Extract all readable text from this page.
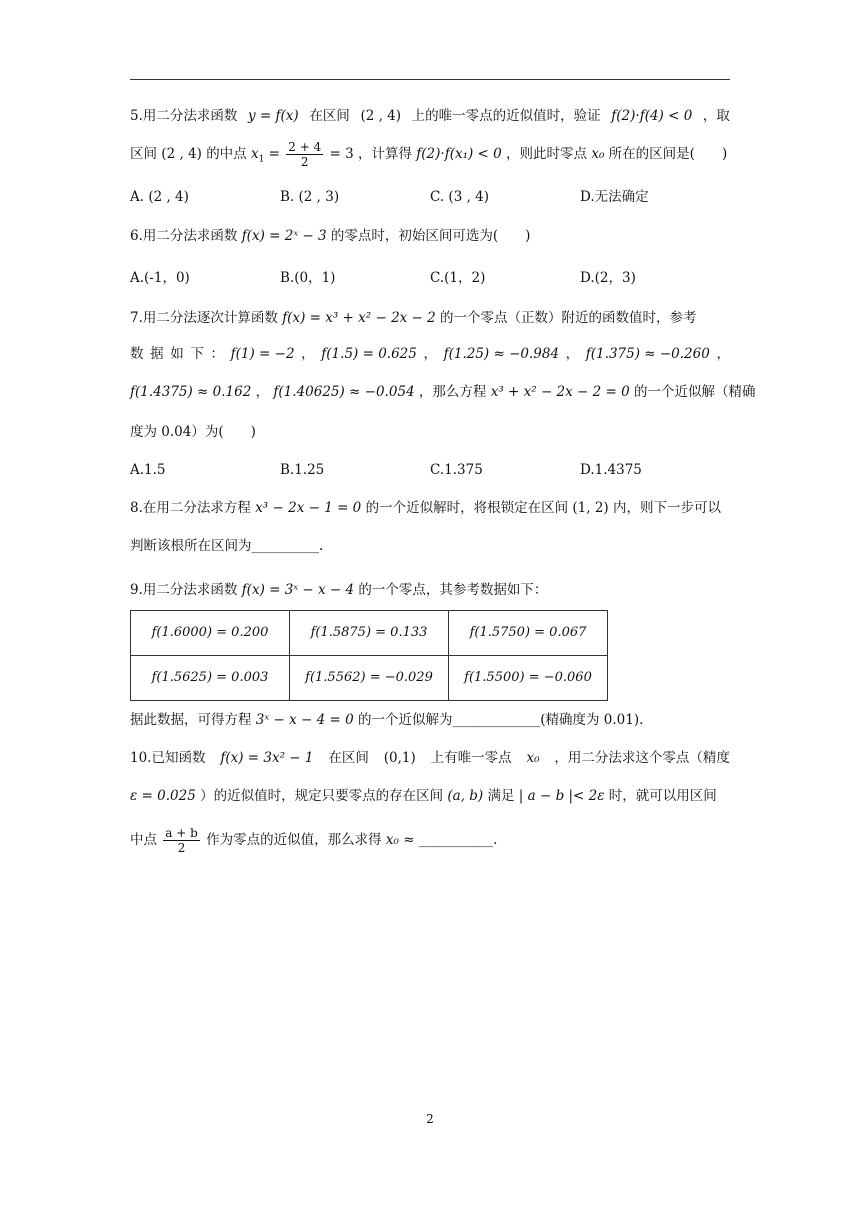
5.用二分法求函数 y = f(x) 在区间 (2 , 4) 上的唯一零点的近似值时，验证 f(2)·f(4) < 0 ，取
区间 (2 , 4) 的中点 $x_1 = \frac{2 + 4}{2} = 3$ ，计算得 f(2)·f(x₁) < 0 ，则此时零点 x₀ 所在的区间是(　　)
A. (2 , 4)	B. (2 , 3)	C. (3 , 4)	D.无法确定
6.用二分法求函数 f(x) = 2ˣ − 3 的零点时，初始区间可选为(　　)
A.(-1，0)	B.(0，1)	C.(1，2)	D.(2，3)
7.用二分法逐次计算函数 f(x) = x³ + x² − 2x − 2 的一个零点（正数）附近的函数值时，参考
数 据 如 下 ： f(1) = −2 ， f(1.5) = 0.625 ， f(1.25) ≈ −0.984 ， f(1.375) ≈ −0.260 ，
f(1.4375) ≈ 0.162 ， f(1.40625) ≈ −0.054 ，那么方程 x³ + x² − 2x − 2 = 0 的一个近似解（精确
度为 0.04）为(　　)
A.1.5	B.1.25	C.1.375	D.1.4375
8.在用二分法求方程 x³ − 2x − 1 = 0 的一个近似解时，将根锁定在区间 (1, 2) 内，则下一步可以
判断该根所在区间为__________.
9.用二分法求函数 f(x) = 3ˣ − x − 4 的一个零点，其参考数据如下：
f(1.6000) = 0.200	f(1.5875) = 0.133	f(1.5750) = 0.067
f(1.5625) = 0.003	f(1.5562) = −0.029	f(1.5500) = −0.060
据此数据，可得方程 3ˣ − x − 4 = 0 的一个近似解为_____________(精确度为 0.01).
10.已知函数 f(x) = 3x² − 1 在区间 (0,1) 上有唯一零点 x₀ ，用二分法求这个零点（精度
ε = 0.025 ）的近似值时，规定只要零点的存在区间 (a, b) 满足 | a − b |< 2ε 时，就可以用区间
中点 $\frac{a + b}{2}$ 作为零点的近似值，那么求得 x₀ ≈ ___________.
2
